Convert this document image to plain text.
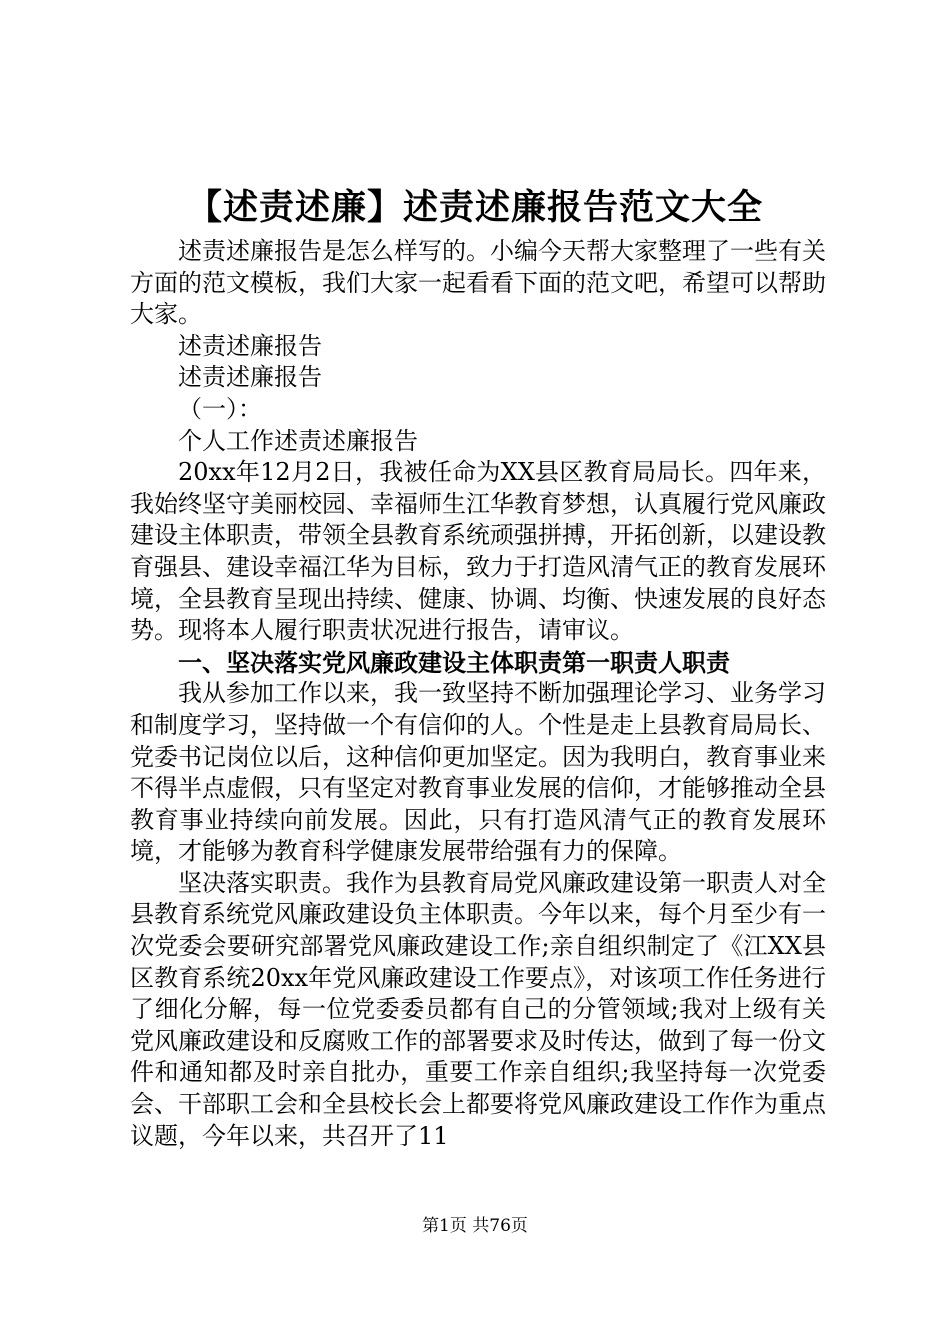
【述责述廉】述责述廉报告范文大全

述责述廉报告是怎么样写的。小编今天帮大家整理了一些有关方面的范文模板，我们大家一起看看下面的范文吧，希望可以帮助大家。

述责述廉报告

述责述廉报告

（一）：

个人工作述责述廉报告

20xx年12月2日，我被任命为XX县区教育局局长。四年来，我始终坚守美丽校园、幸福师生江华教育梦想，认真履行党风廉政建设主体职责，带领全县教育系统顽强拼搏，开拓创新，以建设教育强县、建设幸福江华为目标，致力于打造风清气正的教育发展环境，全县教育呈现出持续、健康、协调、均衡、快速发展的良好态势。现将本人履行职责状况进行报告，请审议。

一、坚决落实党风廉政建设主体职责第一职责人职责

我从参加工作以来，我一致坚持不断加强理论学习、业务学习和制度学习，坚持做一个有信仰的人。个性是走上县教育局局长、党委书记岗位以后，这种信仰更加坚定。因为我明白，教育事业来不得半点虚假，只有坚定对教育事业发展的信仰，才能够推动全县教育事业持续向前发展。因此，只有打造风清气正的教育发展环境，才能够为教育科学健康发展带给强有力的保障。

坚决落实职责。我作为县教育局党风廉政建设第一职责人对全县教育系统党风廉政建设负主体职责。今年以来，每个月至少有一次党委会要研究部署党风廉政建设工作;亲自组织制定了《江XX县区教育系统20xx年党风廉政建设工作要点》，对该项工作任务进行了细化分解，每一位党委委员都有自己的分管领域;我对上级有关党风廉政建设和反腐败工作的部署要求及时传达，做到了每一份文件和通知都及时亲自批办，重要工作亲自组织;我坚持每一次党委会、干部职工会和全县校长会上都要将党风廉政建设工作作为重点议题，今年以来，共召开了11

第1页 共76页
